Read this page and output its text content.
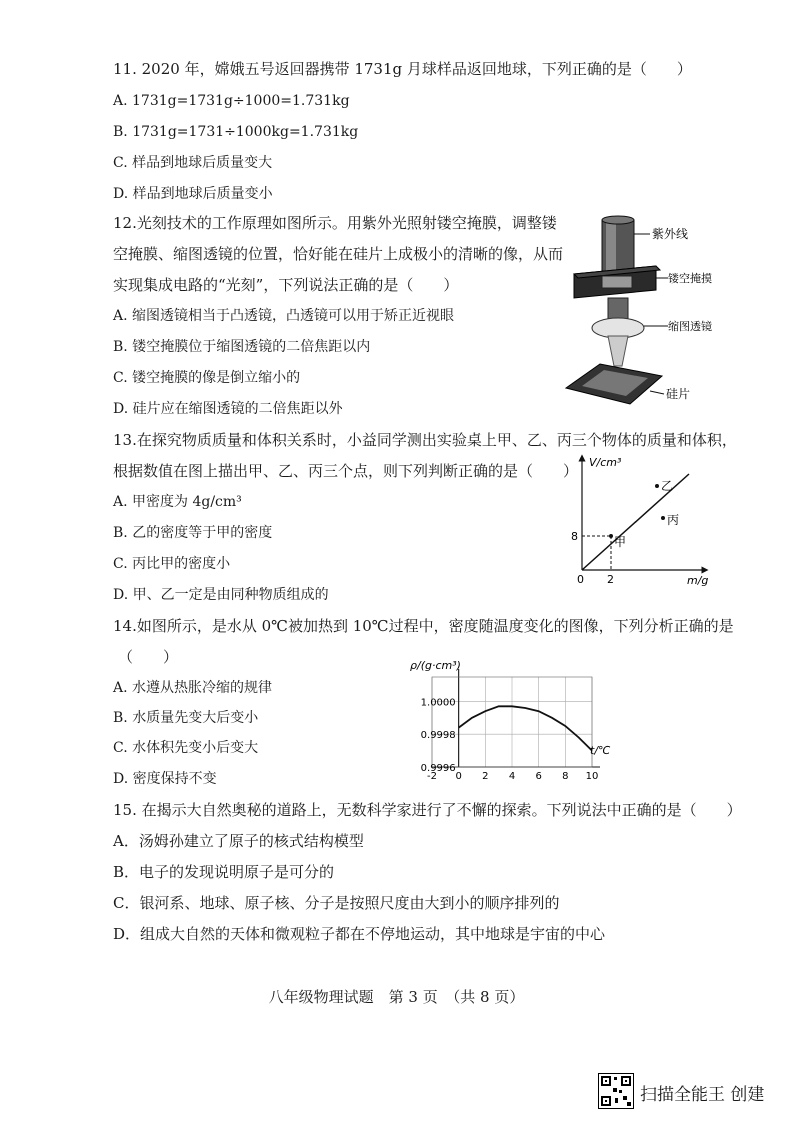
11. 2020 年，嫦娥五号返回器携带 1731g 月球样品返回地球，下列正确的是（　　）
A. 1731g=1731g÷1000=1.731kg
B. 1731g=1731÷1000kg=1.731kg
C. 样品到地球后质量变大
D. 样品到地球后质量变小
12.光刻技术的工作原理如图所示。用紫外光照射镂空掩膜，调整镂
空掩膜、缩图透镜的位置，恰好能在硅片上成极小的清晰的像，从而
实现集成电路的“光刻”，下列说法正确的是（　　）
A. 缩图透镜相当于凸透镜，凸透镜可以用于矫正近视眼
B. 镂空掩膜位于缩图透镜的二倍焦距以内
C. 镂空掩膜的像是倒立缩小的
D. 硅片应在缩图透镜的二倍焦距以外
紫外线
镂空掩摸
缩图透镜
硅片
13.在探究物质质量和体积关系时，小益同学测出实验桌上甲、乙、丙三个物体的质量和体积，
根据数值在图上描出甲、乙、丙三个点，则下列判断正确的是（　　）
A. 甲密度为 4g/cm³
B. 乙的密度等于甲的密度
C. 丙比甲的密度小
D. 甲、乙一定是由同种物质组成的
V/cm³
m/g
0
8
2
甲
乙
丙
14.如图所示，是水从 0℃被加热到 10℃过程中，密度随温度变化的图像，下列分析正确的是
（　　）
A. 水遵从热胀冷缩的规律
B. 水质量先变大后变小
C. 水体积先变小后变大
D. 密度保持不变	-2 0 2 4 6 8 10
0.9996
0.9998
1.0000
ρ/(g·cm³)
t/℃
15. 在揭示大自然奥秘的道路上，无数科学家进行了不懈的探索。下列说法中正确的是（　　）
A．汤姆孙建立了原子的核式结构模型
B．电子的发现说明原子是可分的
C．银河系、地球、原子核、分子是按照尺度由大到小的顺序排列的
D．组成大自然的天体和微观粒子都在不停地运动，其中地球是宇宙的中心
八年级物理试题　第 3 页　（共 8 页）
扫描全能王 创建
